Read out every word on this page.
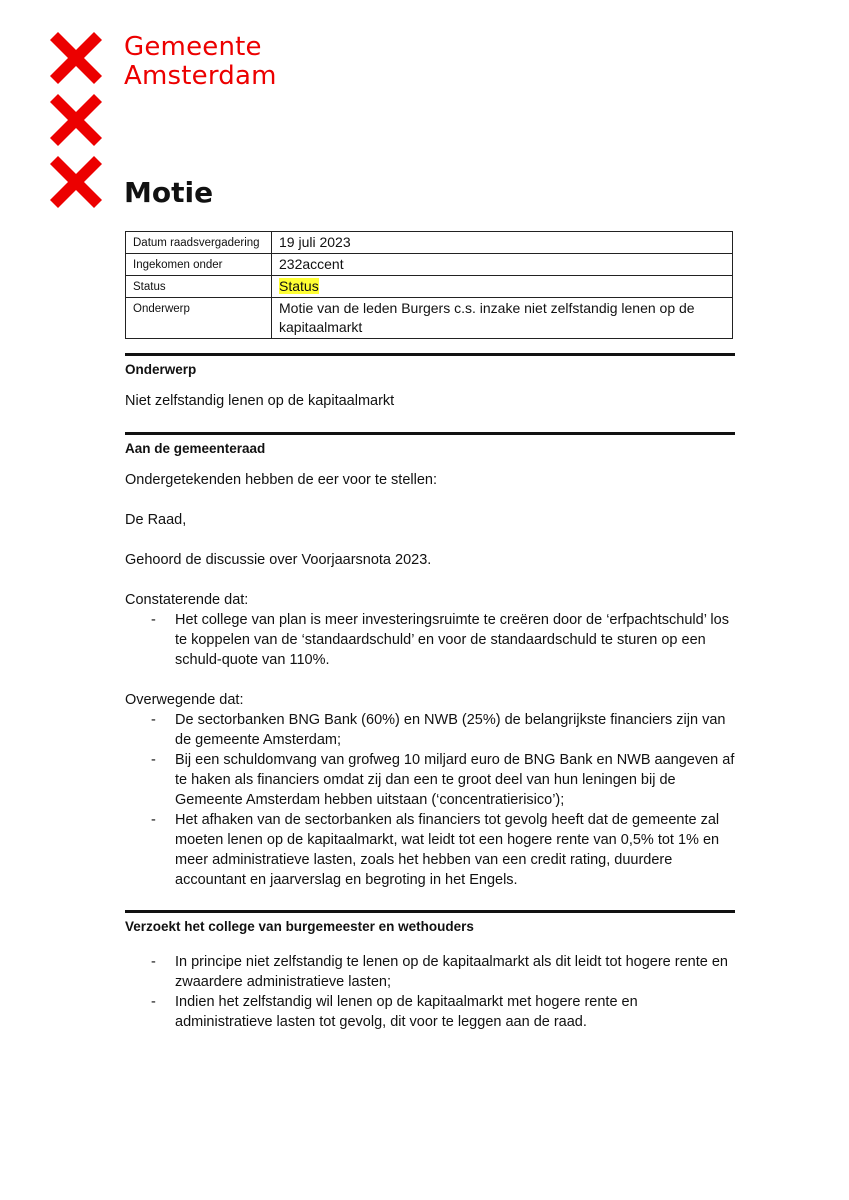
Gemeente
Amsterdam
Motie
Datum raadsvergadering	19 juli 2023
Ingekomen onder	232accent
Status	Status
Onderwerp	Motie van de leden Burgers c.s. inzake niet zelfstandig lenen op de kapitaalmarkt
Onderwerp

Niet zelfstandig lenen op de kapitaalmarkt

Aan de gemeenteraad

Ondergetekenden hebben de eer voor te stellen:

De Raad,

Gehoord de discussie over Voorjaarsnota 2023.

Constaterende dat:

- Het college van plan is meer investeringsruimte te creëren door de ‘erfpachtschuld’ los te koppelen van de ‘standaardschuld’ en voor de standaardschuld te sturen op een schuld-quote van 110%.

Overwegende dat:

- De sectorbanken BNG Bank (60%) en NWB (25%) de belangrijkste financiers zijn van de gemeente Amsterdam;
- Bij een schuldomvang van grofweg 10 miljard euro de BNG Bank en NWB aangeven af te haken als financiers omdat zij dan een te groot deel van hun leningen bij de Gemeente Amsterdam hebben uitstaan (‘concentratierisico’);
- Het afhaken van de sectorbanken als financiers tot gevolg heeft dat de gemeente zal moeten lenen op de kapitaalmarkt, wat leidt tot een hogere rente van 0,5% tot 1% en meer administratieve lasten, zoals het hebben van een credit rating, duurdere accountant en jaarverslag en begroting in het Engels.
Verzoekt het college van burgemeester en wethouders
- In principe niet zelfstandig te lenen op de kapitaalmarkt als dit leidt tot hogere rente en zwaardere administratieve lasten;
- Indien het zelfstandig wil lenen op de kapitaalmarkt met hogere rente en administratieve lasten tot gevolg, dit voor te leggen aan de raad.
